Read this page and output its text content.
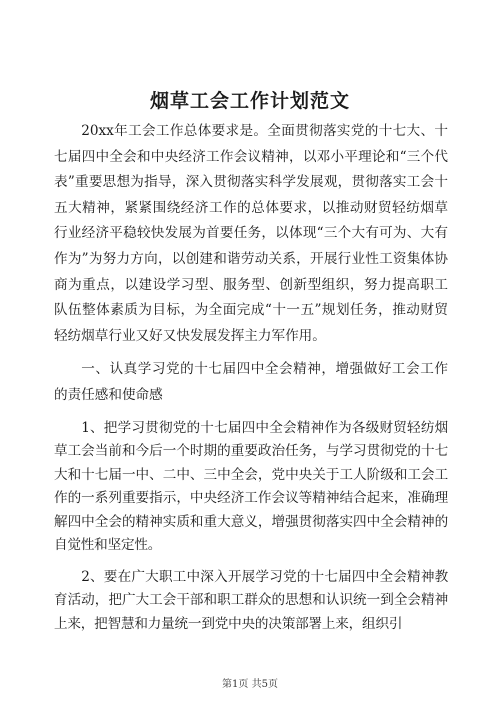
烟草工会工作计划范文

20xx年工会工作总体要求是。全面贯彻落实党的十七大、十七届四中全会和中央经济工作会议精神，以邓小平理论和“三个代表”重要思想为指导，深入贯彻落实科学发展观，贯彻落实工会十五大精神，紧紧围绕经济工作的总体要求，以推动财贸轻纺烟草行业经济平稳较快发展为首要任务，以体现“三个大有可为、大有作为”为努力方向，以创建和谐劳动关系，开展行业性工资集体协商为重点，以建设学习型、服务型、创新型组织，努力提高职工队伍整体素质为目标，为全面完成“十一五”规划任务，推动财贸轻纺烟草行业又好又快发展发挥主力军作用。

一、认真学习党的十七届四中全会精神，增强做好工会工作的责任感和使命感

1、把学习贯彻党的十七届四中全会精神作为各级财贸轻纺烟草工会当前和今后一个时期的重要政治任务，与学习贯彻党的十七大和十七届一中、二中、三中全会，党中央关于工人阶级和工会工作的一系列重要指示，中央经济工作会议等精神结合起来，准确理解四中全会的精神实质和重大意义，增强贯彻落实四中全会精神的自觉性和坚定性。

2、要在广大职工中深入开展学习党的十七届四中全会精神教育活动，把广大工会干部和职工群众的思想和认识统一到全会精神上来，把智慧和力量统一到党中央的决策部署上来，组织引

第1页 共5页
